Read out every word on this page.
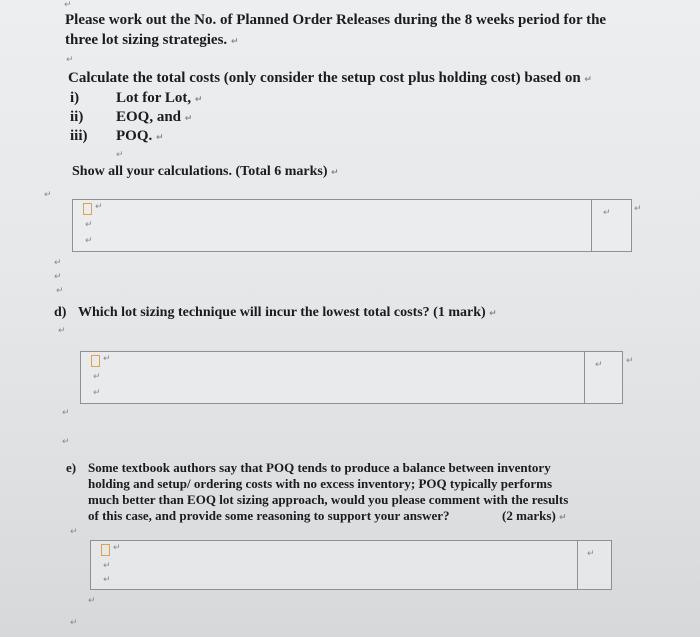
↵
Please work out the No. of Planned Order Releases during the 8 weeks period for the
three lot sizing strategies. ↵
↵
Calculate the total costs (only consider the setup cost plus holding cost) based on ↵
i) Lot for Lot, ↵
ii) EOQ, and ↵
iii) POQ. ↵
↵
Show all your calculations. (Total 6 marks) ↵
↵
↵
↵
↵
↵	↵
↵
↵
↵
d) Which lot sizing technique will incur the lowest total costs? (1 mark) ↵
↵
↵
↵
↵
↵	↵
↵
↵
e) Some textbook authors say that POQ tends to produce a balance between inventory
holding and setup/ ordering costs with no excess inventory; POQ typically performs
much better than EOQ lot sizing approach, would you please comment with the results
of this case, and provide some reasoning to support your answer?	(2 marks) ↵
↵
↵
↵
↵
↵
↵
↵
